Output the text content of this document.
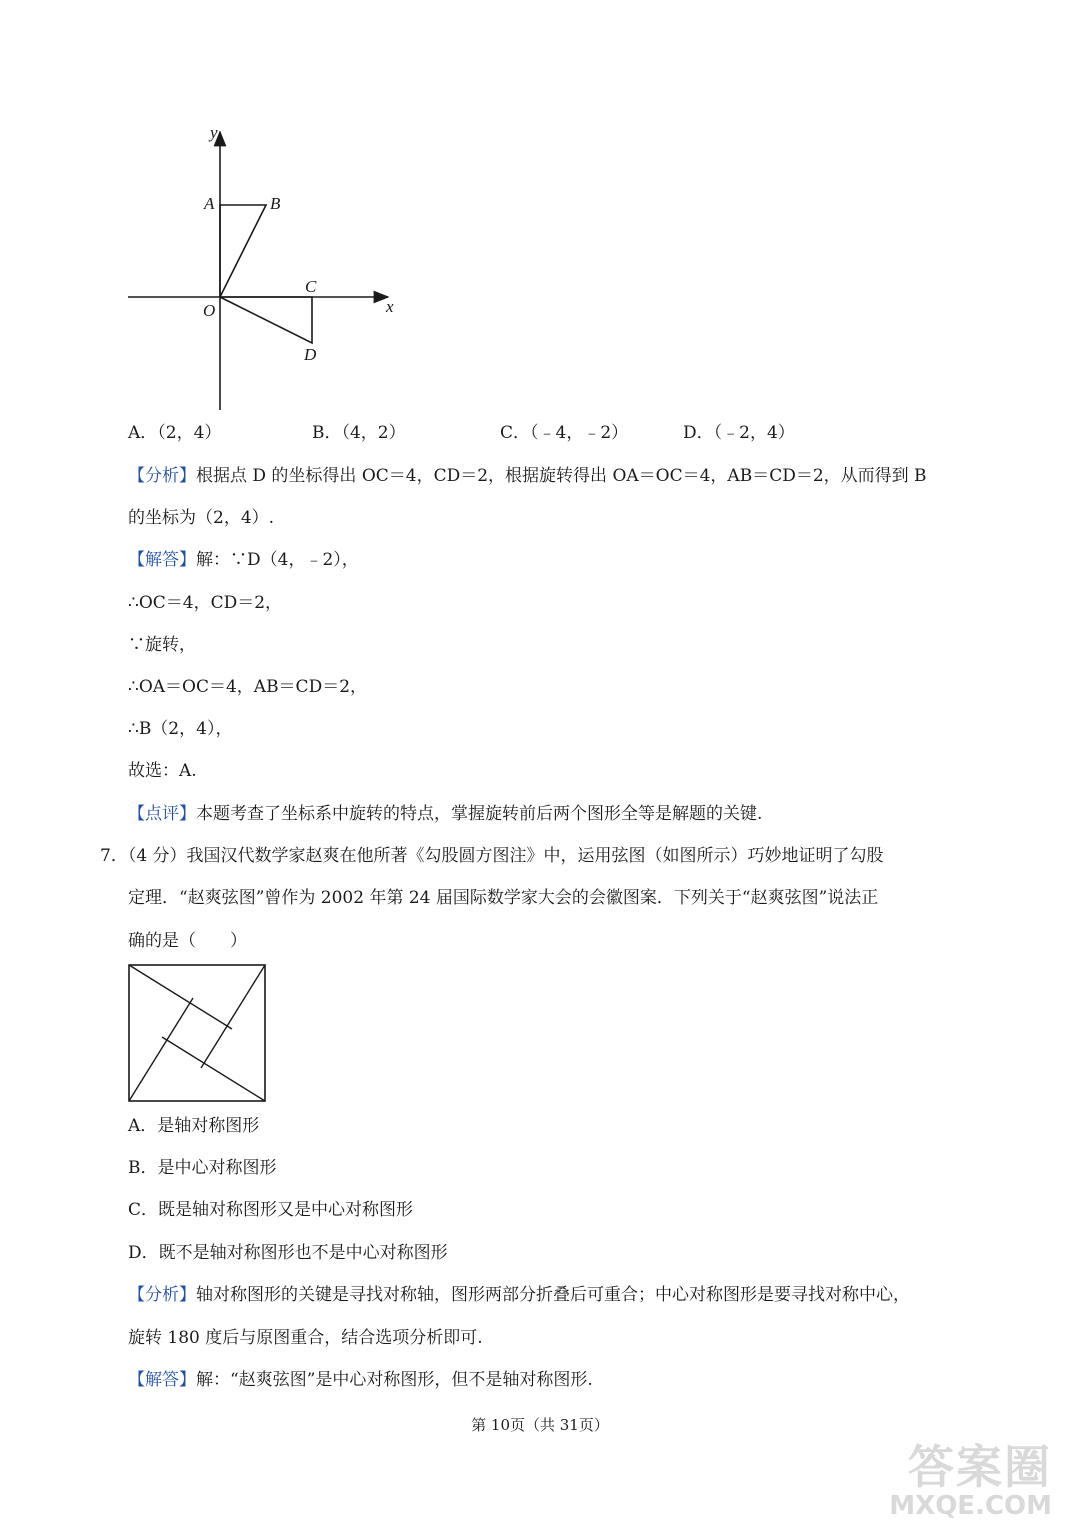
y
x
A	B
C
O
D
A．（2，4）	B．（4，2）	C．（﹣4，﹣2）	D．（﹣2，4）
【分析】根据点 D 的坐标得出 OC＝4，CD＝2，根据旋转得出 OA＝OC＝4，AB＝CD＝2，从而得到 B
的坐标为（2，4）.
【解答】解：∵D（4，﹣2），
∴OC＝4，CD＝2，
∵旋转，
∴OA＝OC＝4，AB＝CD＝2，
∴B（2，4），
故选：A.
【点评】本题考查了坐标系中旋转的特点，掌握旋转前后两个图形全等是解题的关键.
7．（4 分）我国汉代数学家赵爽在他所著《勾股圆方图注》中，运用弦图（如图所示）巧妙地证明了勾股
定理．“赵爽弦图”曾作为 2002 年第 24 届国际数学家大会的会徽图案．下列关于“赵爽弦图”说法正
确的是（　　）
A．是轴对称图形
B．是中心对称图形
C．既是轴对称图形又是中心对称图形
D．既不是轴对称图形也不是中心对称图形
【分析】轴对称图形的关键是寻找对称轴，图形两部分折叠后可重合；中心对称图形是要寻找对称中心，
旋转 180 度后与原图重合，结合选项分析即可.
【解答】解：“赵爽弦图”是中心对称图形，但不是轴对称图形.
第 10页（共 31页）
答案圈
MXQE.COM
